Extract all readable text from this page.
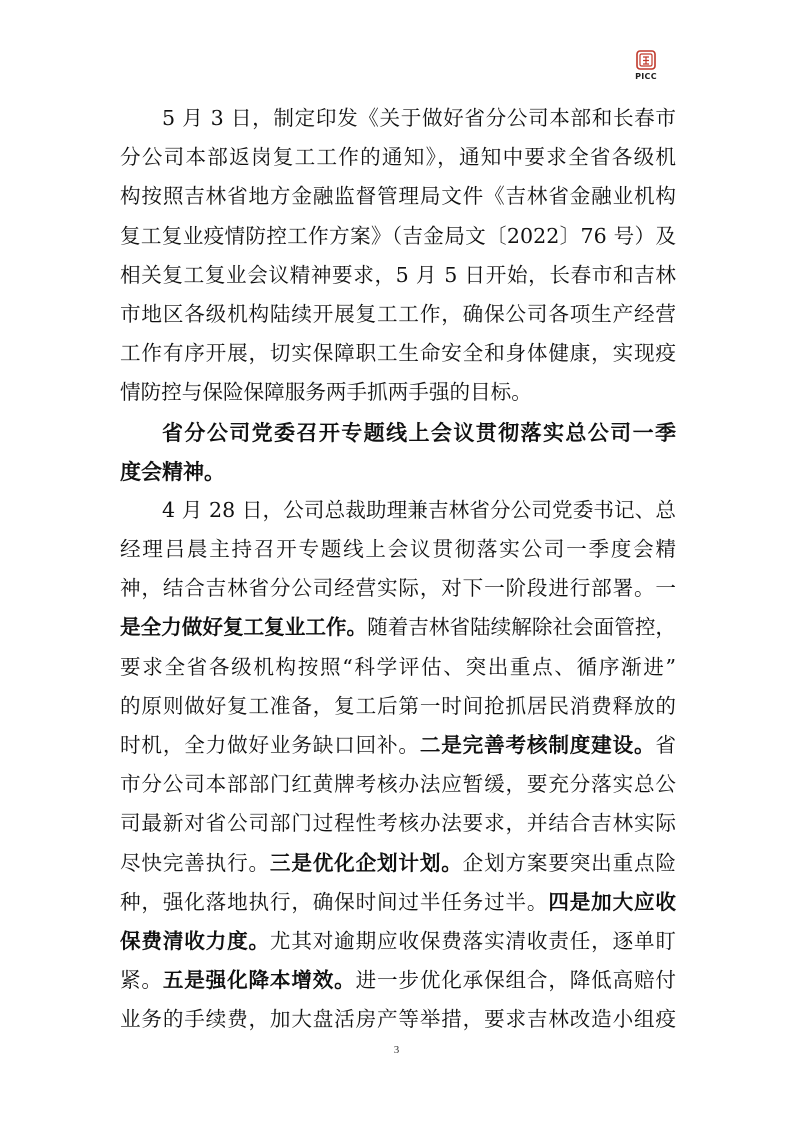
PICC
5 月 3 日，制定印发《关于做好省分公司本部和长春市
分公司本部返岗复工工作的通知》，通知中要求全省各级机
构按照吉林省地方金融监督管理局文件《吉林省金融业机构
复工复业疫情防控工作方案》（吉金局文〔2022〕76 号）及
相关复工复业会议精神要求，5 月 5 日开始，长春市和吉林
市地区各级机构陆续开展复工工作，确保公司各项生产经营
工作有序开展，切实保障职工生命安全和身体健康，实现疫
情防控与保险保障服务两手抓两手强的目标。
省分公司党委召开专题线上会议贯彻落实总公司一季
度会精神。
4 月 28 日，公司总裁助理兼吉林省分公司党委书记、总
经理吕晨主持召开专题线上会议贯彻落实公司一季度会精
神，结合吉林省分公司经营实际，对下一阶段进行部署。一
是全力做好复工复业工作。随着吉林省陆续解除社会面管控，
要求全省各级机构按照“科学评估、突出重点、循序渐进”
的原则做好复工准备，复工后第一时间抢抓居民消费释放的
时机，全力做好业务缺口回补。二是完善考核制度建设。省
市分公司本部部门红黄牌考核办法应暂缓，要充分落实总公
司最新对省公司部门过程性考核办法要求，并结合吉林实际
尽快完善执行。三是优化企划计划。企划方案要突出重点险
种，强化落地执行，确保时间过半任务过半。四是加大应收
保费清收力度。尤其对逾期应收保费落实清收责任，逐单盯
紧。五是强化降本增效。进一步优化承保组合，降低高赔付
业务的手续费，加大盘活房产等举措，要求吉林改造小组疫
3
